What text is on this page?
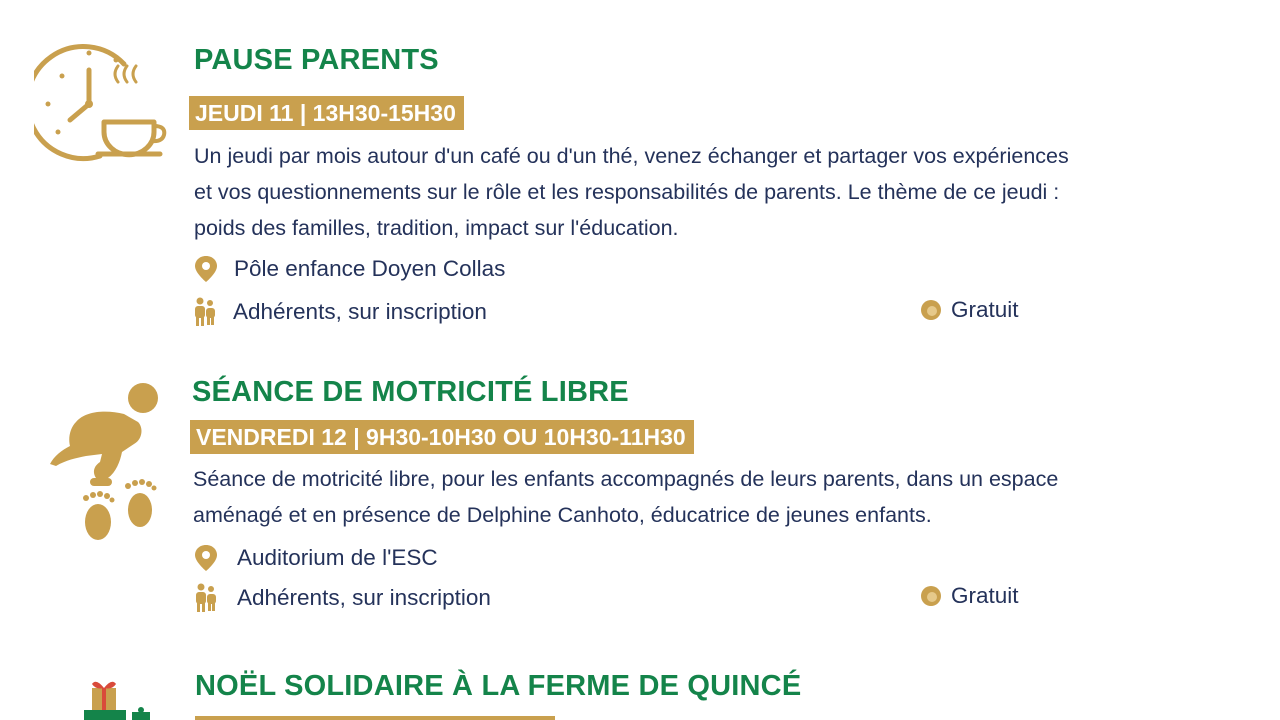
PAUSE PARENTS
JEUDI 11 | 13H30-15H30
Un jeudi par mois autour d'un café ou d'un thé, venez échanger et partager vos expériences
et vos questionnements sur le rôle et les responsabilités de parents. Le thème de ce jeudi :
poids des familles, tradition, impact sur l'éducation.
Pôle enfance Doyen Collas
Adhérents, sur inscription	Gratuit
SÉANCE DE MOTRICITÉ LIBRE
VENDREDI 12 | 9H30-10H30 OU 10H30-11H30
Séance de motricité libre, pour les enfants accompagnés de leurs parents, dans un espace
aménagé et en présence de Delphine Canhoto, éducatrice de jeunes enfants.
Auditorium de l'ESC
Adhérents, sur inscription	Gratuit
NOËL SOLIDAIRE À LA FERME DE QUINCÉ
